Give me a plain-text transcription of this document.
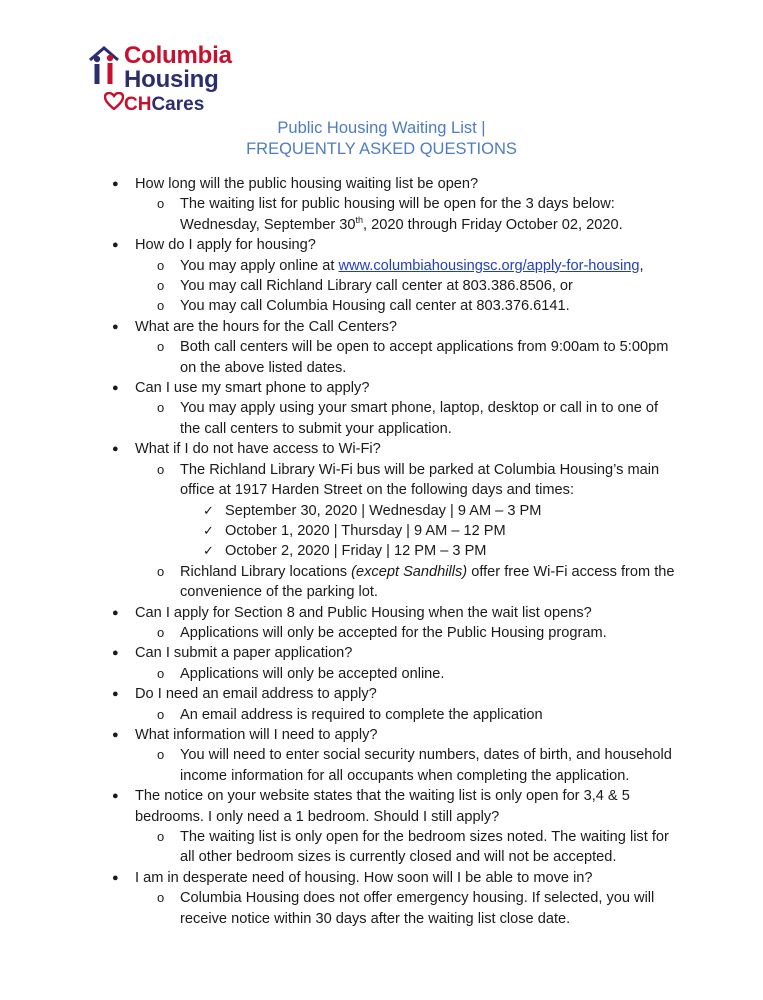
Columbia
Housing
CHCares
Public Housing Waiting List |
FREQUENTLY ASKED QUESTIONS
● How long will the public housing waiting list be open?
o The waiting list for public housing will be open for the 3 days below: Wednesday, September 30th, 2020 through Friday October 02, 2020.
● How do I apply for housing?
o You may apply online at www.columbiahousingsc.org/apply-for-housing,
o You may call Richland Library call center at 803.386.8506, or
o You may call Columbia Housing call center at 803.376.6141.
● What are the hours for the Call Centers?
o Both call centers will be open to accept applications from 9:00am to 5:00pm on the above listed dates.
● Can I use my smart phone to apply?
o You may apply using your smart phone, laptop, desktop or call in to one of the call centers to submit your application.
● What if I do not have access to Wi-Fi?
o The Richland Library Wi-Fi bus will be parked at Columbia Housing’s main office at 1917 Harden Street on the following days and times:
✓ September 30, 2020 | Wednesday | 9 AM – 3 PM
✓ October 1, 2020 | Thursday | 9 AM – 12 PM
✓ October 2, 2020 | Friday | 12 PM – 3 PM
o Richland Library locations (except Sandhills) offer free Wi-Fi access from the convenience of the parking lot.
● Can I apply for Section 8 and Public Housing when the wait list opens?
o Applications will only be accepted for the Public Housing program.
● Can I submit a paper application?
o Applications will only be accepted online.
● Do I need an email address to apply?
o An email address is required to complete the application
● What information will I need to apply?
o You will need to enter social security numbers, dates of birth, and household income information for all occupants when completing the application.
● The notice on your website states that the waiting list is only open for 3,4 & 5 bedrooms. I only need a 1 bedroom. Should I still apply?
o The waiting list is only open for the bedroom sizes noted. The waiting list for all other bedroom sizes is currently closed and will not be accepted.
● I am in desperate need of housing. How soon will I be able to move in?
o Columbia Housing does not offer emergency housing. If selected, you will receive notice within 30 days after the waiting list close date.
